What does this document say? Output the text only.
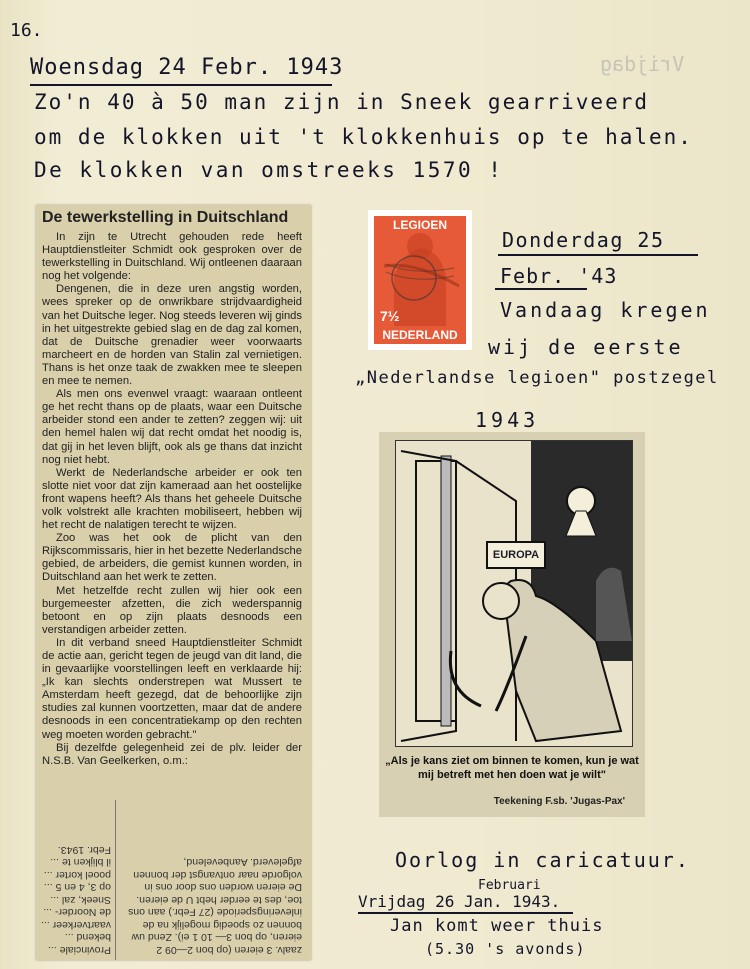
16.
Vrijdag
Woensdag 24 Febr. 1943
Zo'n 40 à 50 man zijn in Sneek gearriveerd
om de klokken uit 't klokkenhuis op te halen.
De klokken van omstreeks 1570 !
De tewerkstelling in Duitschland

In zijn te Utrecht gehouden rede heeft Hauptdienstleiter Schmidt ook gesproken over de tewerkstelling in Duitschland. Wij ontleenen daaraan nog het volgende:

Dengenen, die in deze uren angstig worden, wees spreker op de onwrikbare strijdvaardigheid van het Duitsche leger. Nog steeds leveren wij ginds in het uitgestrekte gebied slag en de dag zal komen, dat de Duitsche grenadier weer voorwaarts marcheert en de horden van Stalin zal vernietigen. Thans is het onze taak de zwakken mee te sleepen en mee te nemen.

Als men ons evenwel vraagt: waaraan ontleent ge het recht thans op de plaats, waar een Duitsche arbeider stond een ander te zetten? zeggen wij: uit den hemel halen wij dat recht omdat het noodig is, dat gij in het leven blijft, ook als ge thans dat inzicht nog niet hebt.

Werkt de Nederlandsche arbeider er ook ten slotte niet voor dat zijn kameraad aan het oostelijke front wapens heeft? Als thans het geheele Duitsche volk volstrekt alle krachten mobiliseert, hebben wij het recht de nalatigen terecht te wijzen.

Zoo was het ook de plicht van den Rijkscommissaris, hier in het bezette Nederlandsche gebied, de arbeiders, die gemist kunnen worden, in Duitschland aan het werk te zetten.

Met hetzelfde recht zullen wij hier ook een burgemeester afzetten, die zich wederspannig betoont en op zijn plaats desnoods een verstandigen arbeider zetten.

In dit verband sneed Hauptdienstleiter Schmidt de actie aan, gericht tegen de jeugd van dit land, die in gevaarlijke voorstellingen leeft en verklaarde hij: „Ik kan slechts onderstrepen wat Mussert te Amsterdam heeft gezegd, dat de behoorlijke zijn studies zal kunnen voortzetten, maar dat de andere desnoods in een concentratiekamp op den rechten weg moeten worden gebracht."

Bij dezelfde gelegenheid zei de plv. leider der N.S.B. Van Geelkerken, o.m.:

Provinciale ... bekend ... vaartverkeer ... de Noorder- ... Sneek, zal ... op 3, 4 en 5 ... pooel korter ... il blijken te ... Febr. 1943.
zaalv. 3 eieren (op bon 2—09 2 eieren, op bon 3— 10 1 ei). Zend uw bonnen zo spoedig mogelijk na de inleveringsperiode (27 Febr.) aan ons toe, des te eerder hebt U de eieren. De eieren worden ons door ons in volgorde naar ontvangst der bonnen afgeleverd. Aanbevelend,
LEGIOEN
7½
NEDERLAND
Donderdag 25
Febr. '43
Vandaag kregen
wij de eerste
„Nederlandse legioen" postzegel
1943
EUROPA
„Als je kans ziet om binnen te komen, kun je wat mij betreft met hen doen wat je wilt"
Teekening F.sb. 'Jugas-Pax'
Oorlog in caricatuur.
Februari
Vrijdag 26 Jan. 1943.
Jan komt weer thuis
(5.30 's avonds)
